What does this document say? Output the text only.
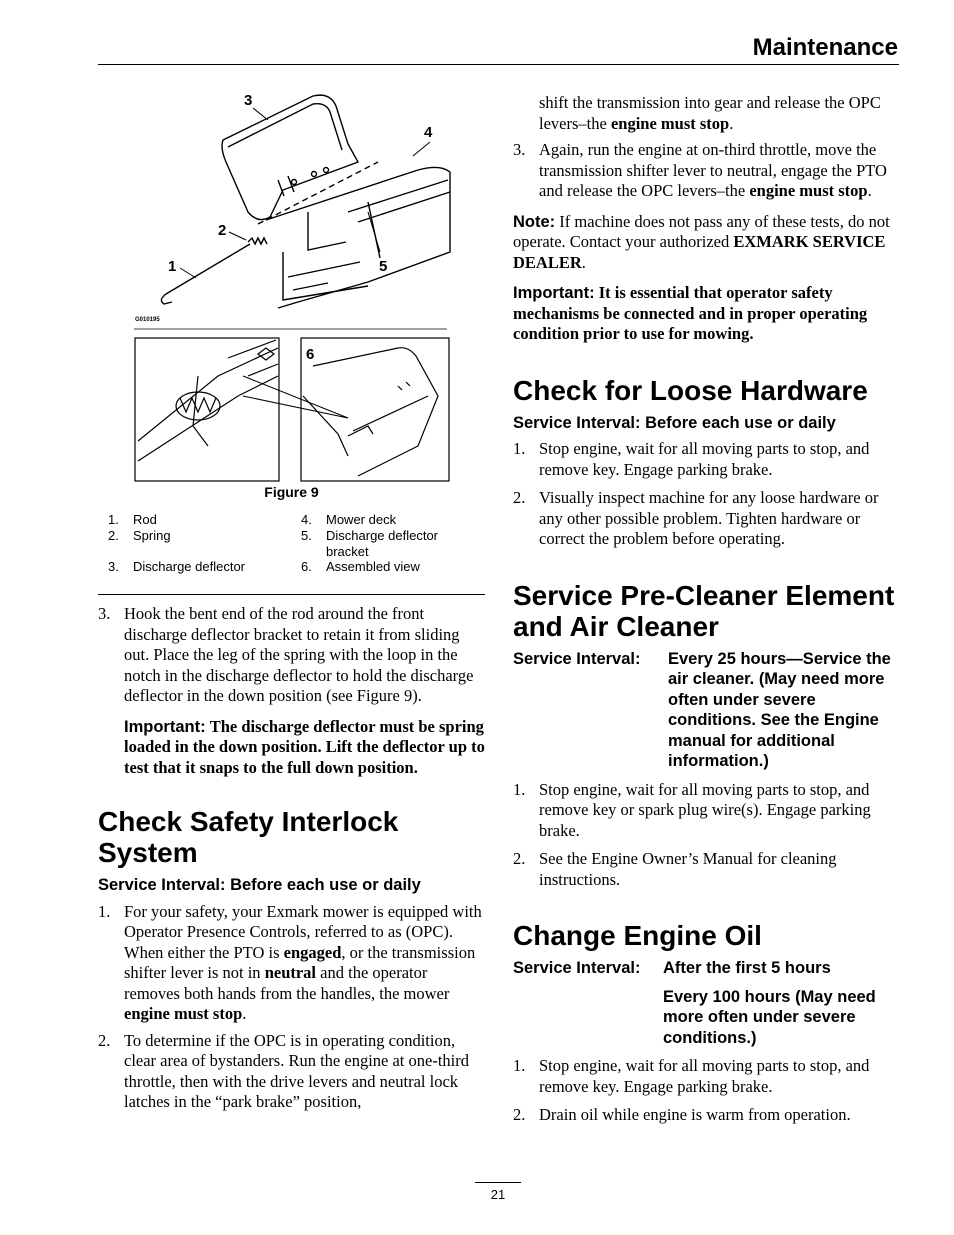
Maintenance
G010195
1
2
3
4
5
6
Figure 9
1. Rod
2. Spring
3. Discharge deflector
4. Mower deck
5. Discharge deflector bracket
6. Assembled view
3. Hook the bent end of the rod around the front discharge deflector bracket to retain it from sliding out. Place the leg of the spring with the loop in the notch in the discharge deflector to hold the discharge deflector in the down position (see Figure 9).
Important: The discharge deflector must be spring loaded in the down position. Lift the deflector up to test that it snaps to the full down position.
Check Safety Interlock System
Service Interval: Before each use or daily
1. For your safety, your Exmark mower is equipped with Operator Presence Controls, referred to as (OPC). When either the PTO is engaged, or the transmission shifter lever is not in neutral and the operator removes both hands from the handles, the mower engine must stop.
2. To determine if the OPC is in operating condition, clear area of bystanders. Run the engine at one-third throttle, then with the drive levers and neutral lock latches in the “park brake” position,
shift the transmission into gear and release the OPC levers–the engine must stop.
3. Again, run the engine at on-third throttle, move the transmission shifter lever to neutral, engage the PTO and release the OPC levers–the engine must stop.
Note: If machine does not pass any of these tests, do not operate. Contact your authorized EXMARK SERVICE DEALER.
Important: It is essential that operator safety mechanisms be connected and in proper operating condition prior to use for mowing.
Check for Loose Hardware
Service Interval: Before each use or daily
1. Stop engine, wait for all moving parts to stop, and remove key. Engage parking brake.
2. Visually inspect machine for any loose hardware or any other possible problem. Tighten hardware or correct the problem before operating.
Service Pre-Cleaner Element and Air Cleaner
Service Interval: Every 25 hours—Service the air cleaner. (May need more often under severe conditions. See the Engine manual for additional information.)
1. Stop engine, wait for all moving parts to stop, and remove key or spark plug wire(s). Engage parking brake.
2. See the Engine Owner’s Manual for cleaning instructions.
Change Engine Oil
Service Interval: After the first 5 hours
Every 100 hours (May need more often under severe conditions.)
1. Stop engine, wait for all moving parts to stop, and remove key. Engage parking brake.
2. Drain oil while engine is warm from operation.
21
